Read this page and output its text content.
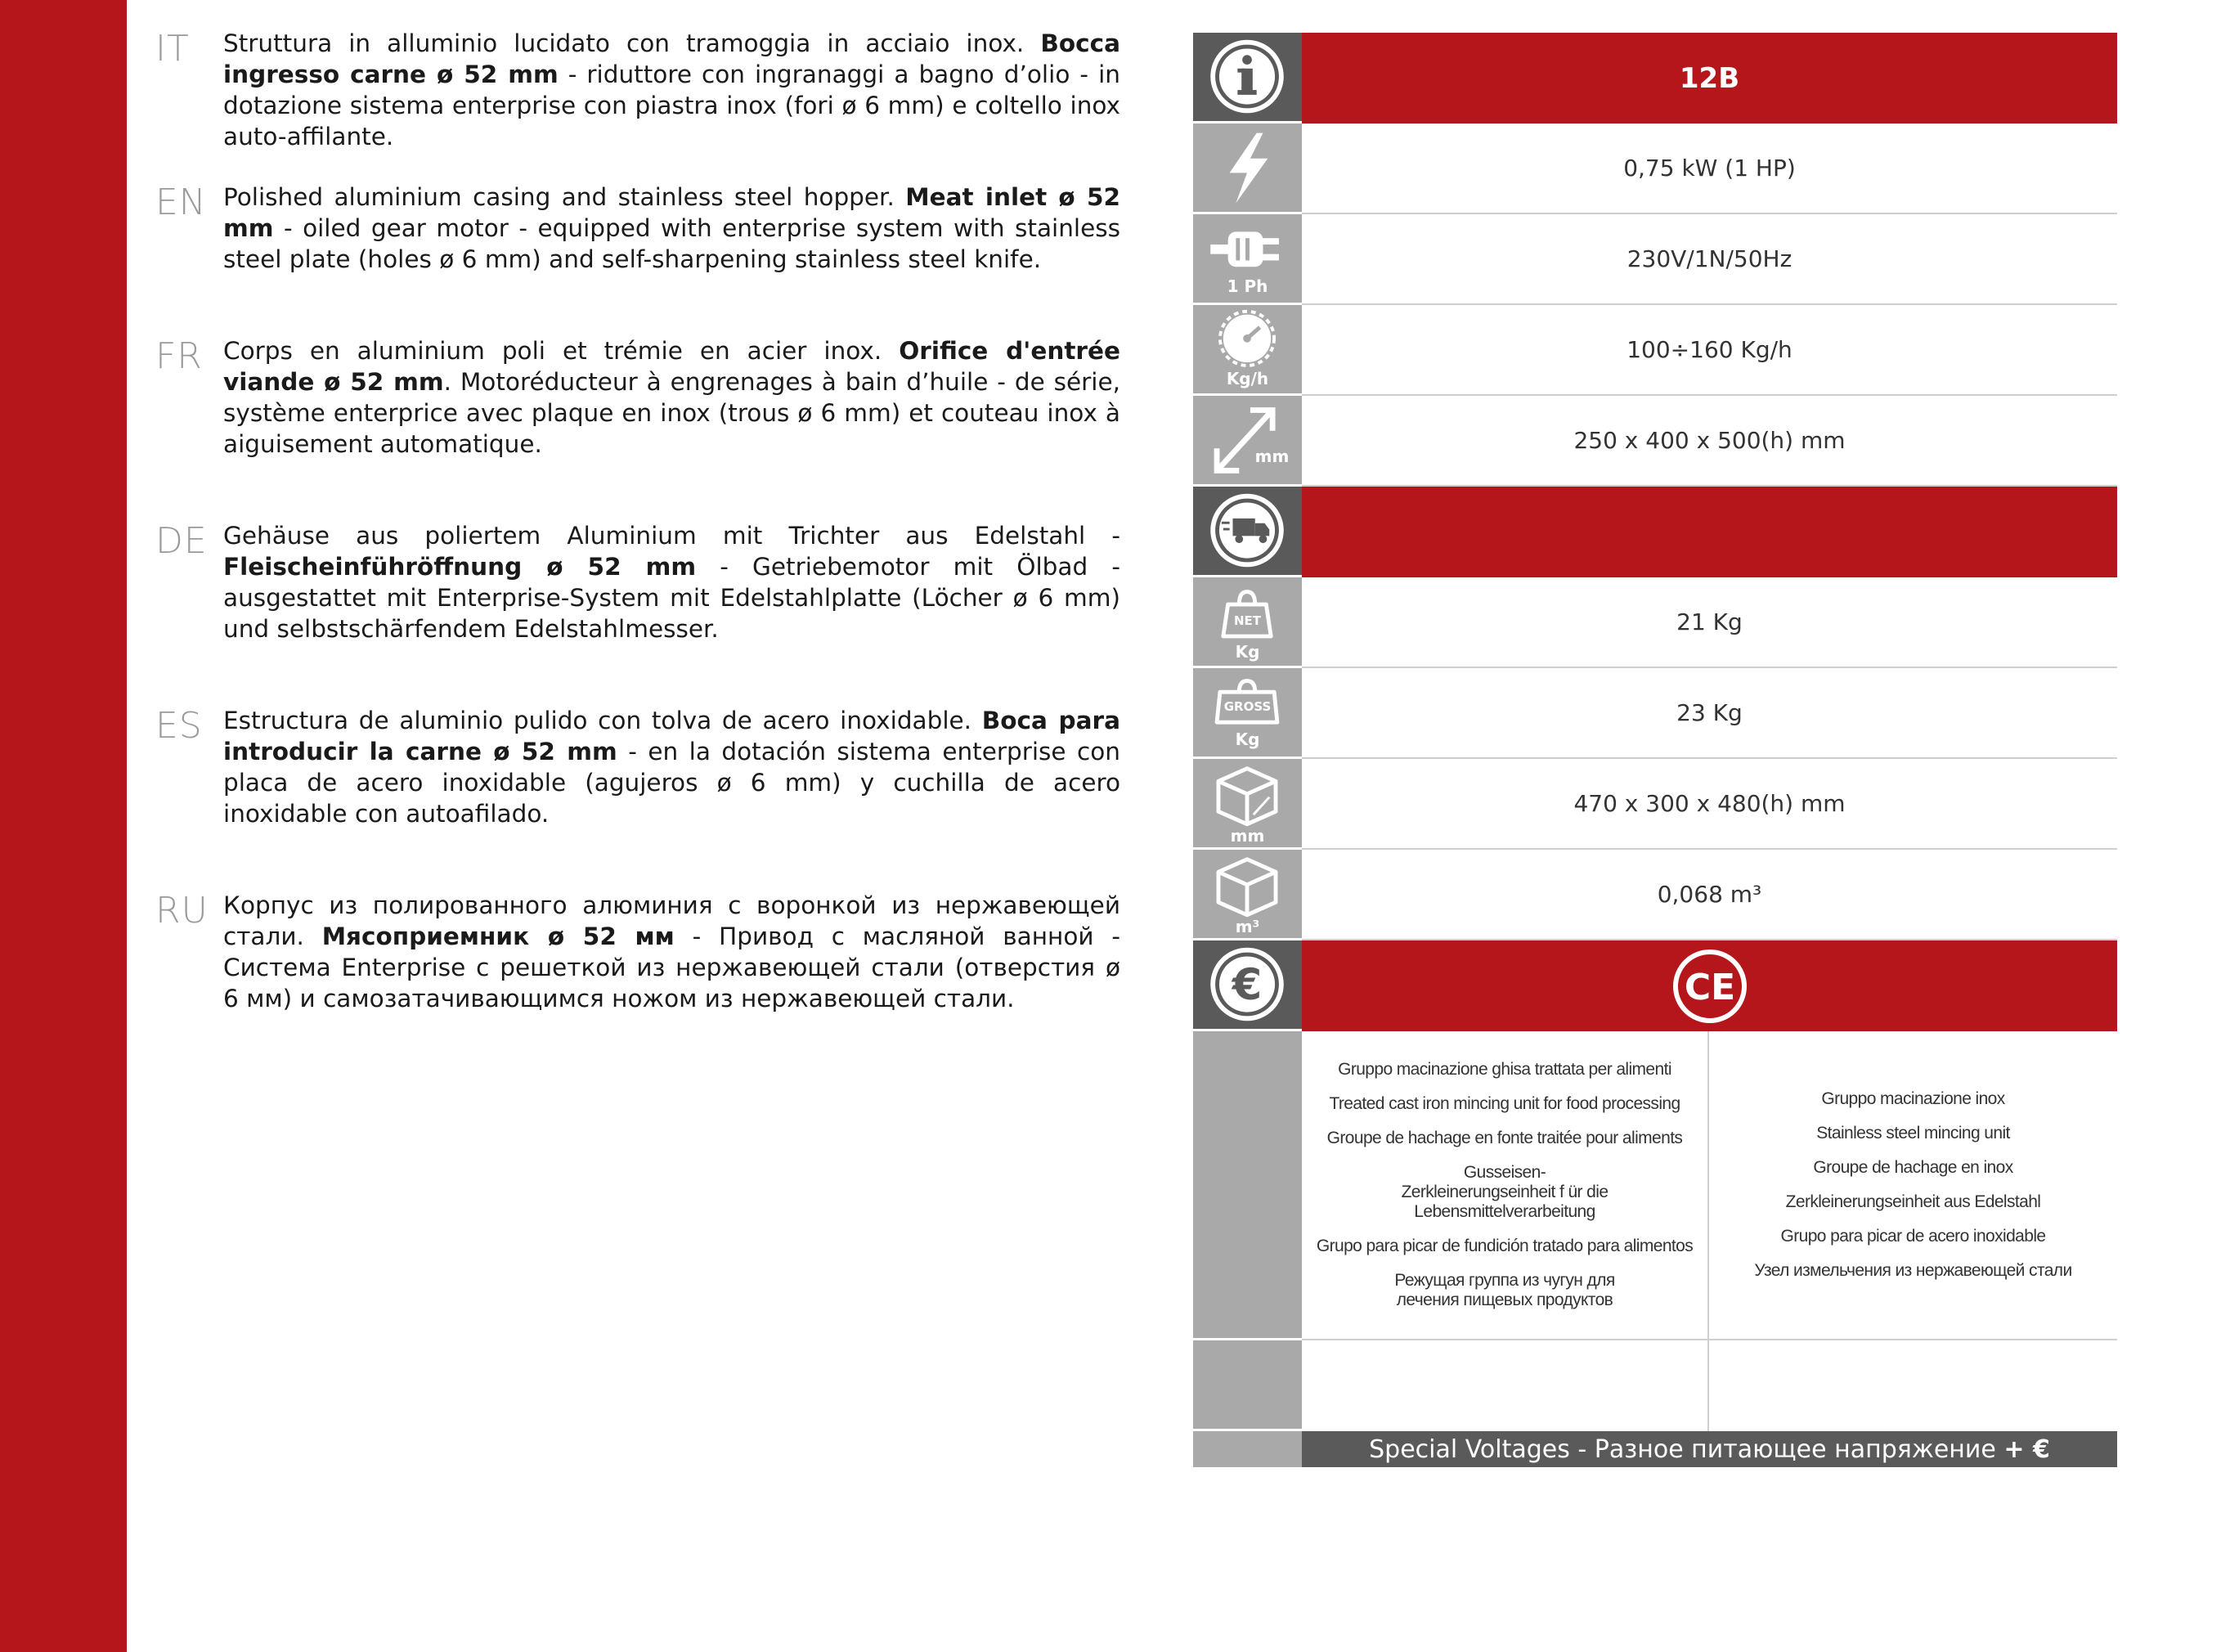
IT Struttura in alluminio lucidato con tramoggia in acciaio inox. Bocca ingresso carne ø 52 mm - riduttore con ingranaggi a bagno d’olio - in dotazione sistema enterprise con piastra inox (fori ø 6 mm) e coltello inox auto-affilante.
EN Polished aluminium casing and stainless steel hopper. Meat inlet ø 52 mm - oiled gear motor - equipped with enterprise system with stainless steel plate (holes ø 6 mm) and self-sharpening stainless steel knife.
FR Corps en aluminium poli et trémie en acier inox. Orifice d'entrée viande ø 52 mm. Motoréducteur à engrenages à bain d’huile - de série, système enterprice avec plaque en inox (trous ø 6 mm) et couteau inox à aiguisement automatique.
DE Gehäuse aus poliertem Aluminium mit Trichter aus Edelstahl - Fleischeinführöffnung ø 52 mm - Getriebemotor mit Ölbad - ausgestattet mit Enterprise-System mit Edelstahlplatte (Löcher ø 6 mm) und selbstschärfendem Edelstahlmesser.
ES Estructura de aluminio pulido con tolva de acero inoxidable. Boca para introducir la carne ø 52 mm - en la dotación sistema enterprise con placa de acero inoxidable (agujeros ø 6 mm) y cuchilla de acero inoxidable con autoafilado.
RU Корпус из полированного алюминия с воронкой из нержавеющей стали. Мясоприемник ø 52 мм - Привод с масляной ванной - Система Enterprise с решеткой из нержавеющей стали (отверстия ø 6 мм) и самозатачивающимся ножом из нержавеющей стали.
12B
0,75 kW (1 HP)
1 Ph
230V/1N/50Hz
Kg/h
100÷160 Kg/h
mm
250 x 400 x 500(h) mm
NET
Kg
21 Kg
GROSS
Kg
23 Kg
mm
470 x 300 x 480(h) mm
m³
0,068 m³
€	CE
Gruppo macinazione ghisa trattata per alimenti
Treated cast iron mincing unit for food processing
Groupe de hachage en fonte traitée pour aliments
Gusseisen-Zerkleinerungseinheit f ür die Lebensmittelverarbeitung
Grupo para picar de fundición tratado para alimentos
Режущая группа из чугун для лечения пищевых продуктов
Gruppo macinazione inox
Stainless steel mincing unit
Groupe de hachage en inox
Zerkleinerungseinheit aus Edelstahl
Grupo para picar de acero inoxidable
Узел измельчения из нержавеющей стали
Special Voltages - Разное питающее напряжение + €
